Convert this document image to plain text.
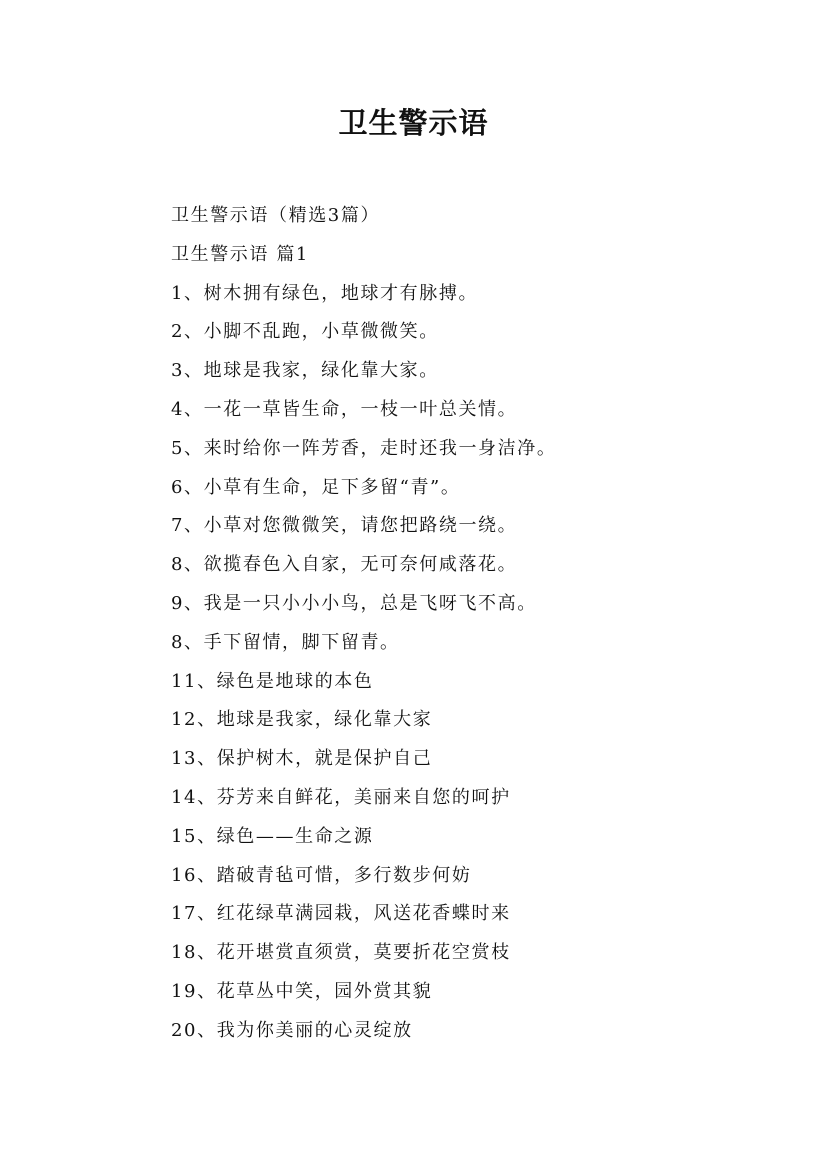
卫生警示语
卫生警示语（精选3篇）
卫生警示语 篇1
1、树木拥有绿色，地球才有脉搏。
2、小脚不乱跑，小草微微笑。
3、地球是我家，绿化靠大家。
4、一花一草皆生命，一枝一叶总关情。
5、来时给你一阵芳香，走时还我一身洁净。
6、小草有生命，足下多留“青”。
7、小草对您微微笑，请您把路绕一绕。
8、欲揽春色入自家，无可奈何咸落花。
9、我是一只小小小鸟，总是飞呀飞不高。
8、手下留情，脚下留青。
11、绿色是地球的本色
12、地球是我家，绿化靠大家
13、保护树木，就是保护自己
14、芬芳来自鲜花，美丽来自您的呵护
15、绿色——生命之源
16、踏破青毡可惜，多行数步何妨
17、红花绿草满园栽，风送花香蝶时来
18、花开堪赏直须赏，莫要折花空赏枝
19、花草丛中笑，园外赏其貌
20、我为你美丽的心灵绽放
